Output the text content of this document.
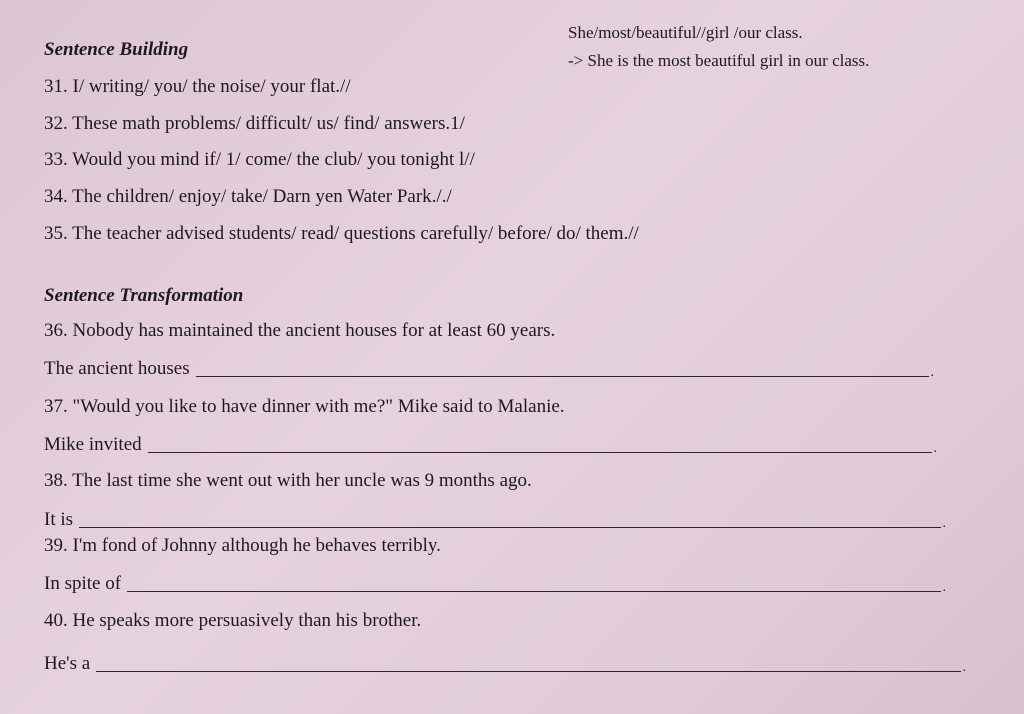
She/most/beautiful//girl /our class.
-> She is the most beautiful girl in our class.
Sentence Building
31. I/ writing/ you/ the noise/ your flat.//
32. These math problems/ difficult/ us/ find/ answers.1/
33. Would you mind if/ 1/ come/ the club/ you tonight l//
34. The children/ enjoy/ take/ Darn yen Water Park././
35. The teacher advised students/ read/ questions carefully/ before/ do/ them.//
Sentence Transformation
36. Nobody has maintained the ancient houses for at least 60 years.
The ancient houses	.
37. "Would you like to have dinner with me?" Mike said to Malanie.
Mike invited	.
38. The last time she went out with her uncle was 9 months ago.
It is	.
39. I'm fond of Johnny although he behaves terribly.
In spite of	.
40. He speaks more persuasively than his brother.
He's a	.
